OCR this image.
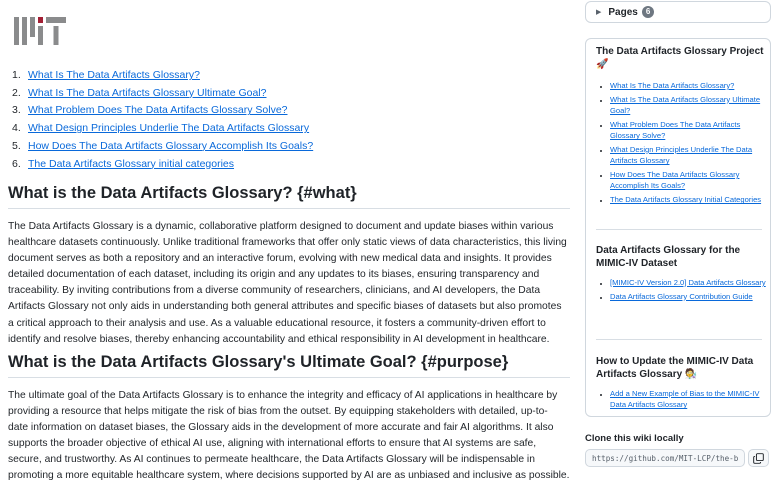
1. What Is The Data Artifacts Glossary?
2. What Is The Data Artifacts Glossary Ultimate Goal?
3. What Problem Does The Data Artifacts Glossary Solve?
4. What Design Principles Underlie The Data Artifacts Glossary
5. How Does The Data Artifacts Glossary Accomplish Its Goals?
6. The Data Artifacts Glossary initial categories
What is the Data Artifacts Glossary? {#what}
The Data Artifacts Glossary is a dynamic, collaborative platform designed to document and update biases within various
healthcare datasets continuously. Unlike traditional frameworks that offer only static views of data characteristics, this living
document serves as both a repository and an interactive forum, evolving with new medical data and insights. It provides
detailed documentation of each dataset, including its origin and any updates to its biases, ensuring transparency and
traceability. By inviting contributions from a diverse community of researchers, clinicians, and AI developers, the Data
Artifacts Glossary not only aids in understanding both general attributes and specific biases of datasets but also promotes
a critical approach to their analysis and use. As a valuable educational resource, it fosters a community-driven effort to
identify and resolve biases, thereby enhancing accountability and ethical responsibility in AI development in healthcare.
What is the Data Artifacts Glossary's Ultimate Goal? {#purpose}
The ultimate goal of the Data Artifacts Glossary is to enhance the integrity and efficacy of AI applications in healthcare by
providing a resource that helps mitigate the risk of bias from the outset. By equipping stakeholders with detailed, up-to-
date information on dataset biases, the Glossary aids in the development of more accurate and fair AI algorithms. It also
supports the broader objective of ethical AI use, aligning with international efforts to ensure that AI systems are safe,
secure, and trustworthy. As AI continues to permeate healthcare, the Data Artifacts Glossary will be indispensable in
promoting a more equitable healthcare system, where decisions supported by AI are as unbiased and inclusive as possible.
▶ Pages	6
The Data Artifacts Glossary Project 🚀
• What Is The Data Artifacts Glossary?
• What Is The Data Artifacts Glossary Ultimate Goal?
• What Problem Does The Data Artifacts Glossary Solve?
• What Design Principles Underlie The Data Artifacts Glossary
• How Does The Data Artifacts Glossary Accomplish Its Goals?
• The Data Artifacts Glossary Initial Categories
Data Artifacts Glossary for the MIMIC-IV Dataset
• [MIMIC-IV Version 2.0] Data Artifacts Glossary
• Data Artifacts Glossary Contribution Guide
How to Update the MIMIC-IV Data Artifacts Glossary 🧑‍🔬
• Add a New Example of Bias to the MIMIC-IV Data Artifacts Glossary
Clone this wiki locally
https://github.com/MIT-LCP/the-b
